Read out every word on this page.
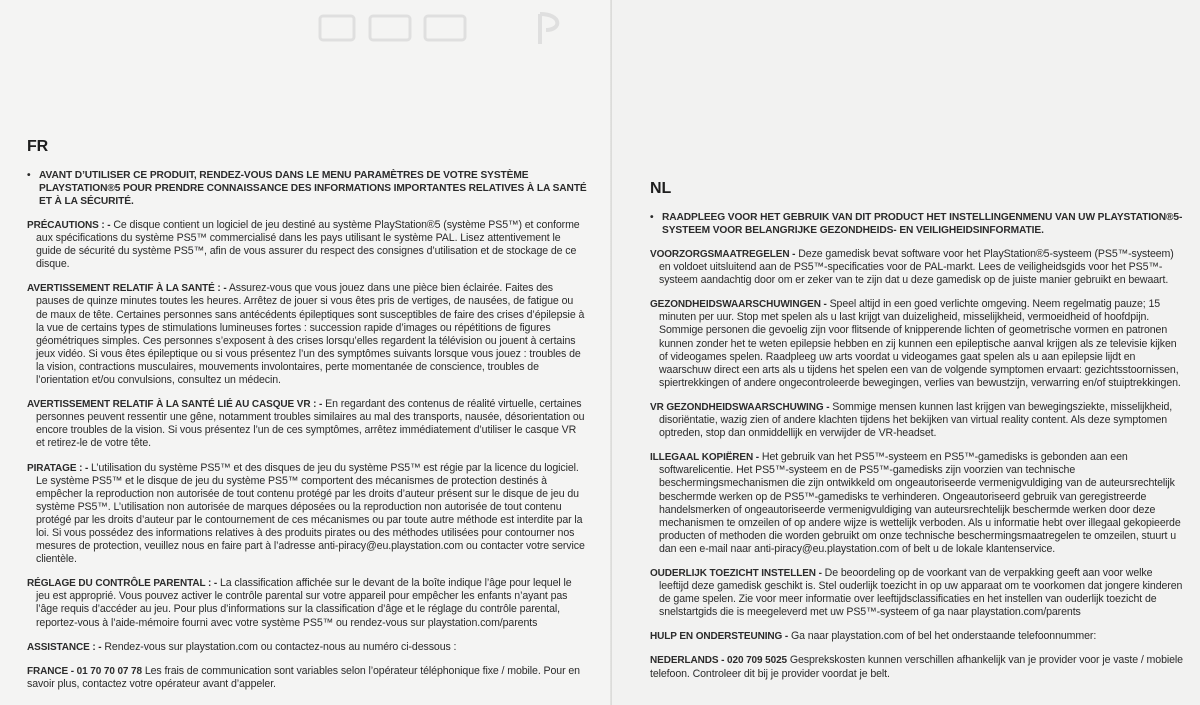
FR
• AVANT D’UTILISER CE PRODUIT, RENDEZ-VOUS DANS LE MENU PARAMÈTRES DE VOTRE SYSTÈME PLAYSTATION®5 POUR PRENDRE CONNAISSANCE DES INFORMATIONS IMPORTANTES RELATIVES À LA SANTÉ ET À LA SÉCURITÉ.
PRÉCAUTIONS : - Ce disque contient un logiciel de jeu destiné au système PlayStation®5 (système PS5™) et conforme aux spécifications du système PS5™ commercialisé dans les pays utilisant le système PAL. Lisez attentivement le guide de sécurité du système PS5™, afin de vous assurer du respect des consignes d’utilisation et de stockage de ce disque.
AVERTISSEMENT RELATIF À LA SANTÉ : - Assurez-vous que vous jouez dans une pièce bien éclairée. Faites des pauses de quinze minutes toutes les heures. Arrêtez de jouer si vous êtes pris de vertiges, de nausées, de fatigue ou de maux de tête. Certaines personnes sans antécédents épileptiques sont susceptibles de faire des crises d’épilepsie à la vue de certains types de stimulations lumineuses fortes : succession rapide d’images ou répétitions de figures géométriques simples. Ces personnes s’exposent à des crises lorsqu’elles regardent la télévision ou jouent à certains jeux vidéo. Si vous êtes épileptique ou si vous présentez l’un des symptômes suivants lorsque vous jouez : troubles de la vision, contractions musculaires, mouvements involontaires, perte momentanée de conscience, troubles de l’orientation et/ou convulsions, consultez un médecin.
AVERTISSEMENT RELATIF À LA SANTÉ LIÉ AU CASQUE VR : - En regardant des contenus de réalité virtuelle, certaines personnes peuvent ressentir une gêne, notamment troubles similaires au mal des transports, nausée, désorientation ou encore troubles de la vision. Si vous présentez l’un de ces symptômes, arrêtez immédiatement d’utiliser le casque VR et retirez-le de votre tête.
PIRATAGE : - L’utilisation du système PS5™ et des disques de jeu du système PS5™ est régie par la licence du logiciel. Le système PS5™ et le disque de jeu du système PS5™ comportent des mécanismes de protection destinés à empêcher la reproduction non autorisée de tout contenu protégé par les droits d’auteur présent sur le disque de jeu du système PS5™. L’utilisation non autorisée de marques déposées ou la reproduction non autorisée de tout contenu protégé par les droits d’auteur par le contournement de ces mécanismes ou par toute autre méthode est interdite par la loi. Si vous possédez des informations relatives à des produits pirates ou des méthodes utilisées pour contourner nos mesures de protection, veuillez nous en faire part à l’adresse anti-piracy@eu.playstation.com ou contacter votre service clientèle.
RÉGLAGE DU CONTRÔLE PARENTAL : - La classification affichée sur le devant de la boîte indique l’âge pour lequel le jeu est approprié. Vous pouvez activer le contrôle parental sur votre appareil pour empêcher les enfants n’ayant pas l’âge requis d’accéder au jeu. Pour plus d’informations sur la classification d’âge et le réglage du contrôle parental, reportez-vous à l’aide-mémoire fourni avec votre système PS5™ ou rendez-vous sur playstation.com/parents
ASSISTANCE : - Rendez-vous sur playstation.com ou contactez-nous au numéro ci-dessous :
FRANCE - 01 70 70 07 78 Les frais de communication sont variables selon l’opérateur téléphonique fixe / mobile. Pour en savoir plus, contactez votre opérateur avant d’appeler.
NL
• RAADPLEEG VOOR HET GEBRUIK VAN DIT PRODUCT HET INSTELLINGENMENU VAN UW PLAYSTATION®5-SYSTEEM VOOR BELANGRIJKE GEZONDHEIDS- EN VEILIGHEIDSINFORMATIE.
VOORZORGSMAATREGELEN - Deze gamedisk bevat software voor het PlayStation®5-systeem (PS5™-systeem) en voldoet uitsluitend aan de PS5™-specificaties voor de PAL-markt. Lees de veiligheidsgids voor het PS5™-systeem aandachtig door om er zeker van te zijn dat u deze gamedisk op de juiste manier gebruikt en bewaart.
GEZONDHEIDSWAARSCHUWINGEN - Speel altijd in een goed verlichte omgeving. Neem regelmatig pauze; 15 minuten per uur. Stop met spelen als u last krijgt van duizeligheid, misselijkheid, vermoeidheid of hoofdpijn. Sommige personen die gevoelig zijn voor flitsende of knipperende lichten of geometrische vormen en patronen kunnen zonder het te weten epilepsie hebben en zij kunnen een epileptische aanval krijgen als ze televisie kijken of videogames spelen. Raadpleeg uw arts voordat u videogames gaat spelen als u aan epilepsie lijdt en waarschuw direct een arts als u tijdens het spelen een van de volgende symptomen ervaart: gezichtsstoornissen, spiertrekkingen of andere ongecontroleerde bewegingen, verlies van bewustzijn, verwarring en/of stuiptrekkingen.
VR GEZONDHEIDSWAARSCHUWING - Sommige mensen kunnen last krijgen van bewegingsziekte, misselijkheid, disoriëntatie, wazig zien of andere klachten tijdens het bekijken van virtual reality content. Als deze symptomen optreden, stop dan onmiddellijk en verwijder de VR-headset.
ILLEGAAL KOPIËREN - Het gebruik van het PS5™-systeem en PS5™-gamedisks is gebonden aan een softwarelicentie. Het PS5™-systeem en de PS5™-gamedisks zijn voorzien van technische beschermingsmechanismen die zijn ontwikkeld om ongeautoriseerde vermenigvuldiging van de auteursrechtelijk beschermde werken op de PS5™-gamedisks te verhinderen. Ongeautoriseerd gebruik van geregistreerde handelsmerken of ongeautoriseerde vermenigvuldiging van auteursrechtelijk beschermde werken door deze mechanismen te omzeilen of op andere wijze is wettelijk verboden. Als u informatie hebt over illegaal gekopieerde producten of methoden die worden gebruikt om onze technische beschermingsmaatregelen te omzeilen, stuurt u dan een e-mail naar anti-piracy@eu.playstation.com of belt u de lokale klantenservice.
OUDERLIJK TOEZICHT INSTELLEN - De beoordeling op de voorkant van de verpakking geeft aan voor welke leeftijd deze gamedisk geschikt is. Stel ouderlijk toezicht in op uw apparaat om te voorkomen dat jongere kinderen de game spelen. Zie voor meer informatie over leeftijdsclassificaties en het instellen van ouderlijk toezicht de snelstartgids die is meegeleverd met uw PS5™-systeem of ga naar playstation.com/parents
HULP EN ONDERSTEUNING - Ga naar playstation.com of bel het onderstaande telefoonnummer:
NEDERLANDS - 020 709 5025 Gesprekskosten kunnen verschillen afhankelijk van je provider voor je vaste / mobiele telefoon. Controleer dit bij je provider voordat je belt.
